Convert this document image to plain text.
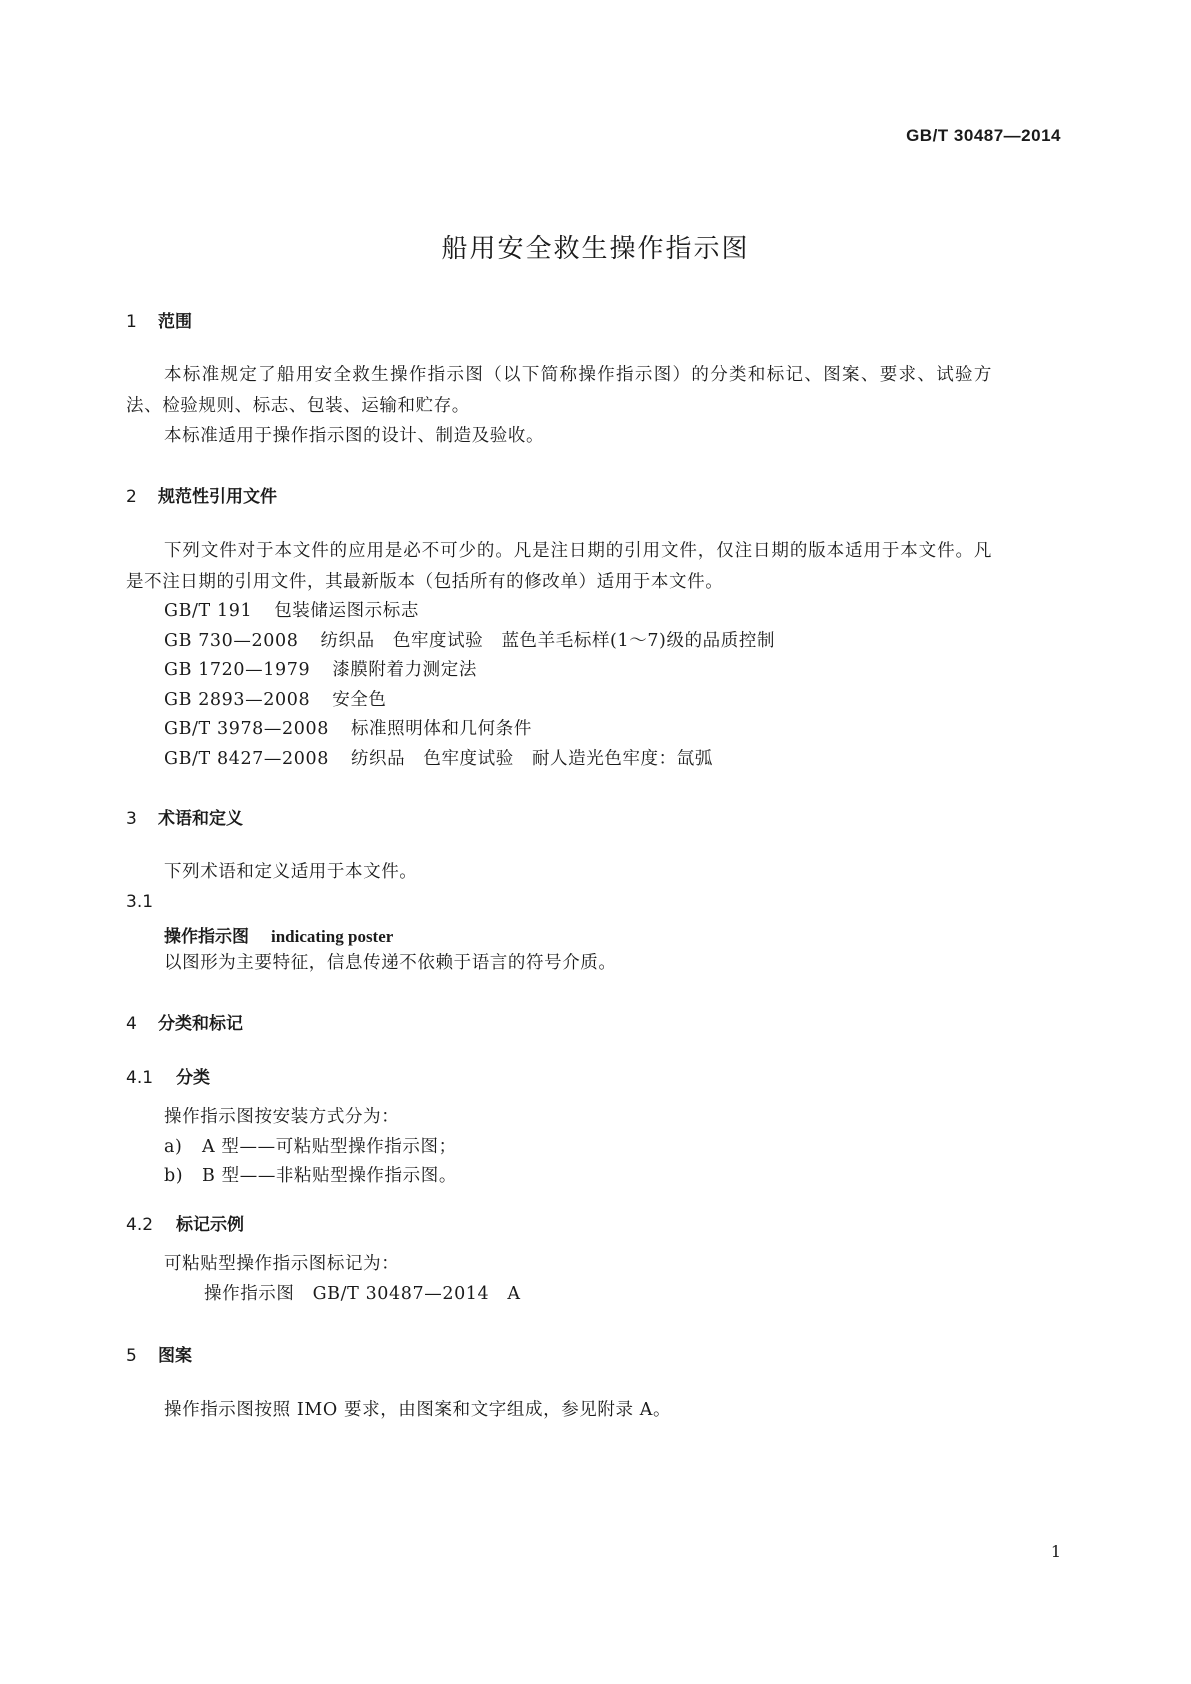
GB/T 30487—2014
船用安全救生操作指示图
1 范围
本标准规定了船用安全救生操作指示图（以下简称操作指示图）的分类和标记、图案、要求、试验方法、检验规则、标志、包装、运输和贮存。
本标准适用于操作指示图的设计、制造及验收。
2 规范性引用文件
下列文件对于本文件的应用是必不可少的。凡是注日期的引用文件，仅注日期的版本适用于本文件。凡是不注日期的引用文件，其最新版本（包括所有的修改单）适用于本文件。
GB/T 191 包装储运图示标志
GB 730—2008 纺织品　色牢度试验　蓝色羊毛标样(1～7)级的品质控制
GB 1720—1979 漆膜附着力测定法
GB 2893—2008 安全色
GB/T 3978—2008 标准照明体和几何条件
GB/T 8427—2008 纺织品　色牢度试验　耐人造光色牢度：氙弧
3 术语和定义
下列术语和定义适用于本文件。
3.1
操作指示图 indicating poster
以图形为主要特征，信息传递不依赖于语言的符号介质。
4 分类和标记
4.1 分类
操作指示图按安装方式分为：
a) A 型——可粘贴型操作指示图；
b) B 型——非粘贴型操作指示图。
4.2 标记示例
可粘贴型操作指示图标记为：
操作指示图　GB/T 30487—2014　A
5 图案
操作指示图按照 IMO 要求，由图案和文字组成，参见附录 A。
1
